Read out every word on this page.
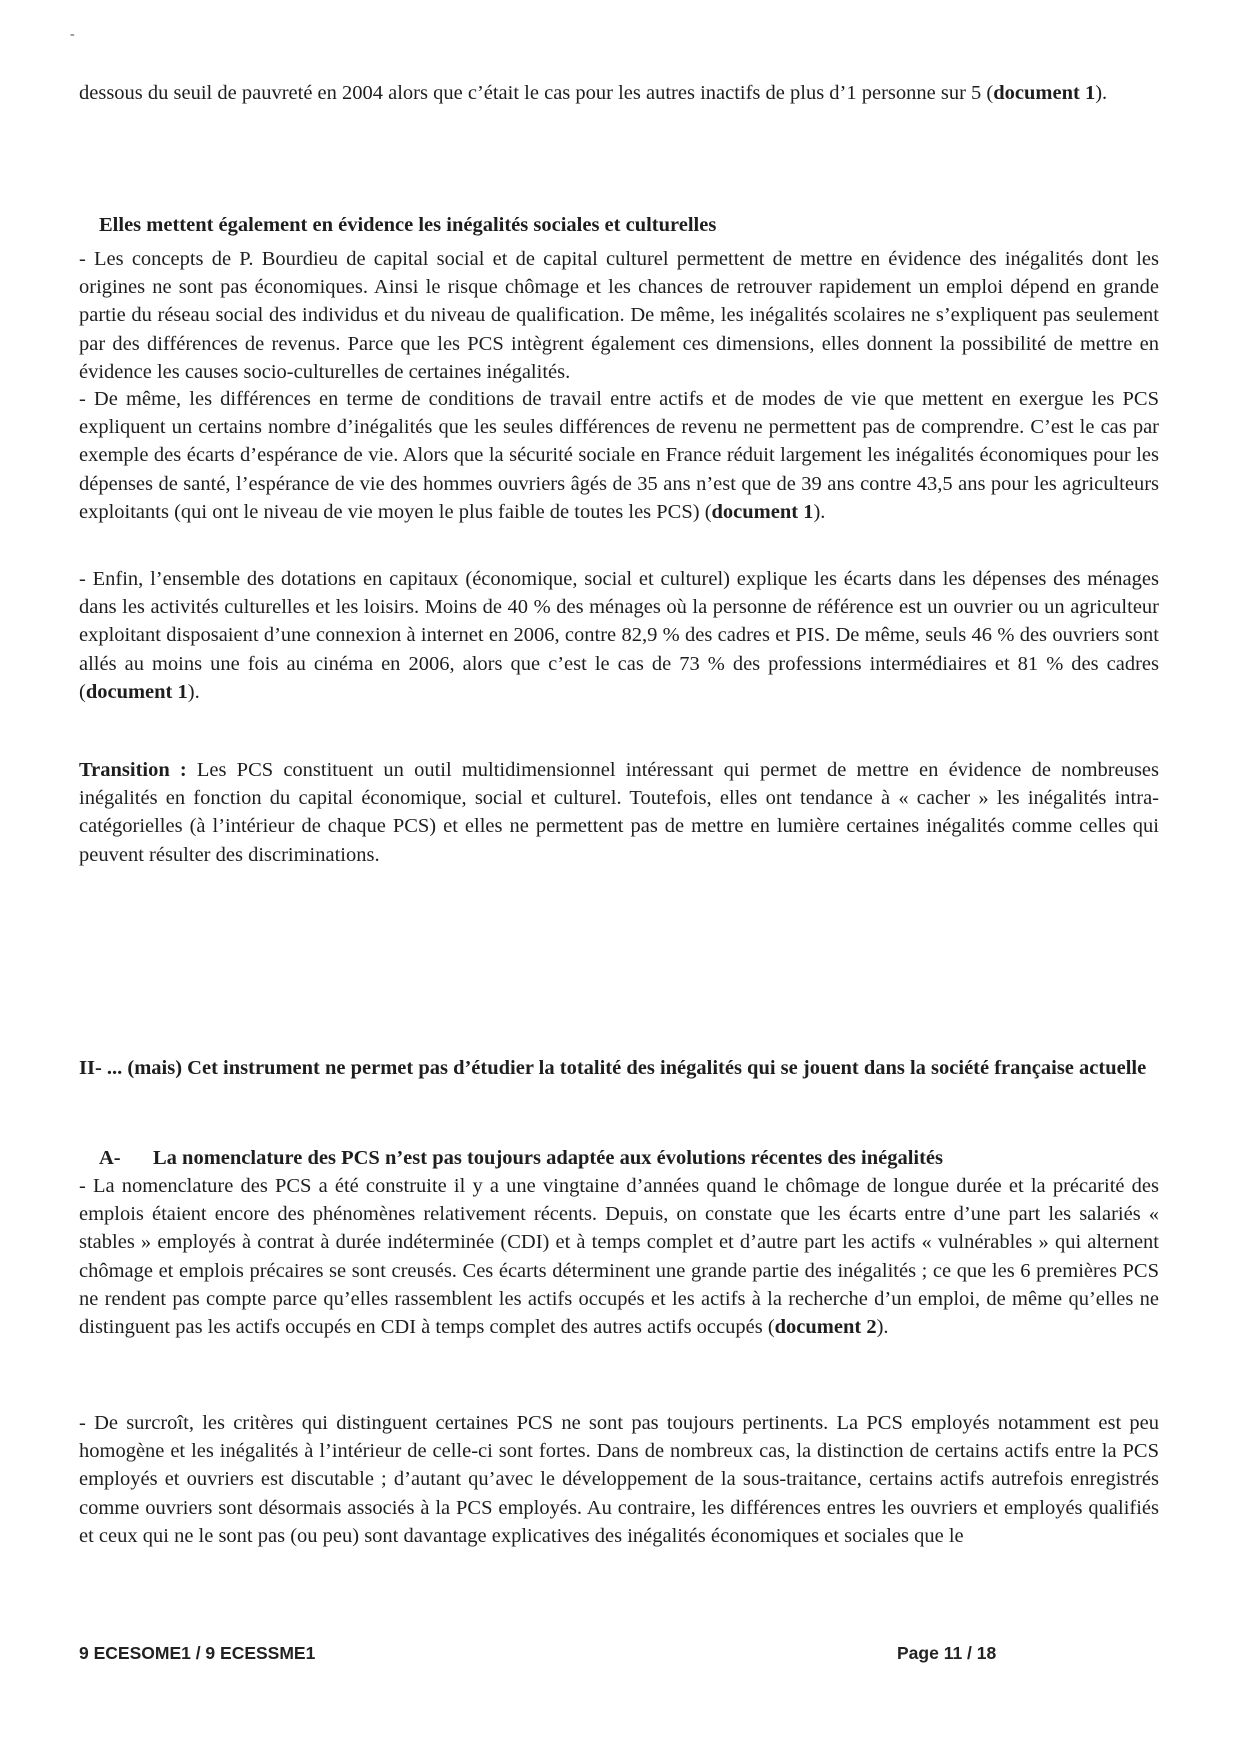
-

dessous du seuil de pauvreté en 2004 alors que c’était le cas pour les autres inactifs de plus d’1 personne sur 5 (document 1).

Elles mettent également en évidence les inégalités sociales et culturelles

- Les concepts de P. Bourdieu de capital social et de capital culturel permettent de mettre en évidence des inégalités dont les origines ne sont pas économiques. Ainsi le risque chômage et les chances de retrouver rapidement un emploi dépend en grande partie du réseau social des individus et du niveau de qualification. De même, les inégalités scolaires ne s’expliquent pas seulement par des différences de revenus. Parce que les PCS intègrent également ces dimensions, elles donnent la possibilité de mettre en évidence les causes socio-culturelles de certaines inégalités.

- De même, les différences en terme de conditions de travail entre actifs et de modes de vie que mettent en exergue les PCS expliquent un certains nombre d’inégalités que les seules différences de revenu ne permettent pas de comprendre. C’est le cas par exemple des écarts d’espérance de vie. Alors que la sécurité sociale en France réduit largement les inégalités économiques pour les dépenses de santé, l’espérance de vie des hommes ouvriers âgés de 35 ans n’est que de 39 ans contre 43,5 ans pour les agriculteurs exploitants (qui ont le niveau de vie moyen le plus faible de toutes les PCS) (document 1).

- Enfin, l’ensemble des dotations en capitaux (économique, social et culturel) explique les écarts dans les dépenses des ménages dans les activités culturelles et les loisirs. Moins de 40 % des ménages où la personne de référence est un ouvrier ou un agriculteur exploitant disposaient d’une connexion à internet en 2006, contre 82,9 % des cadres et PIS. De même, seuls 46 % des ouvriers sont allés au moins une fois au cinéma en 2006, alors que c’est le cas de 73 % des professions intermédiaires et 81 % des cadres (document 1).

Transition : Les PCS constituent un outil multidimensionnel intéressant qui permet de mettre en évidence de nombreuses inégalités en fonction du capital économique, social et culturel. Toutefois, elles ont tendance à « cacher » les inégalités intra-catégorielles (à l’intérieur de chaque PCS) et elles ne permettent pas de mettre en lumière certaines inégalités comme celles qui peuvent résulter des discriminations.

II- ... (mais) Cet instrument ne permet pas d’étudier la totalité des inégalités qui se jouent dans la société française actuelle

A- La nomenclature des PCS n’est pas toujours adaptée aux évolutions récentes des inégalités

- La nomenclature des PCS a été construite il y a une vingtaine d’années quand le chômage de longue durée et la précarité des emplois étaient encore des phénomènes relativement récents. Depuis, on constate que les écarts entre d’une part les salariés « stables » employés à contrat à durée indéterminée (CDI) et à temps complet et d’autre part les actifs « vulnérables » qui alternent chômage et emplois précaires se sont creusés. Ces écarts déterminent une grande partie des inégalités ; ce que les 6 premières PCS ne rendent pas compte parce qu’elles rassemblent les actifs occupés et les actifs à la recherche d’un emploi, de même qu’elles ne distinguent pas les actifs occupés en CDI à temps complet des autres actifs occupés (document 2).

- De surcroît, les critères qui distinguent certaines PCS ne sont pas toujours pertinents. La PCS employés notamment est peu homogène et les inégalités à l’intérieur de celle-ci sont fortes. Dans de nombreux cas, la distinction de certains actifs entre la PCS employés et ouvriers est discutable ; d’autant qu’avec le développement de la sous-traitance, certains actifs autrefois enregistrés comme ouvriers sont désormais associés à la PCS employés. Au contraire, les différences entres les ouvriers et employés qualifiés et ceux qui ne le sont pas (ou peu) sont davantage explicatives des inégalités économiques et sociales que le

9 ECESOME1 / 9 ECESSME1	Page 11 / 18
